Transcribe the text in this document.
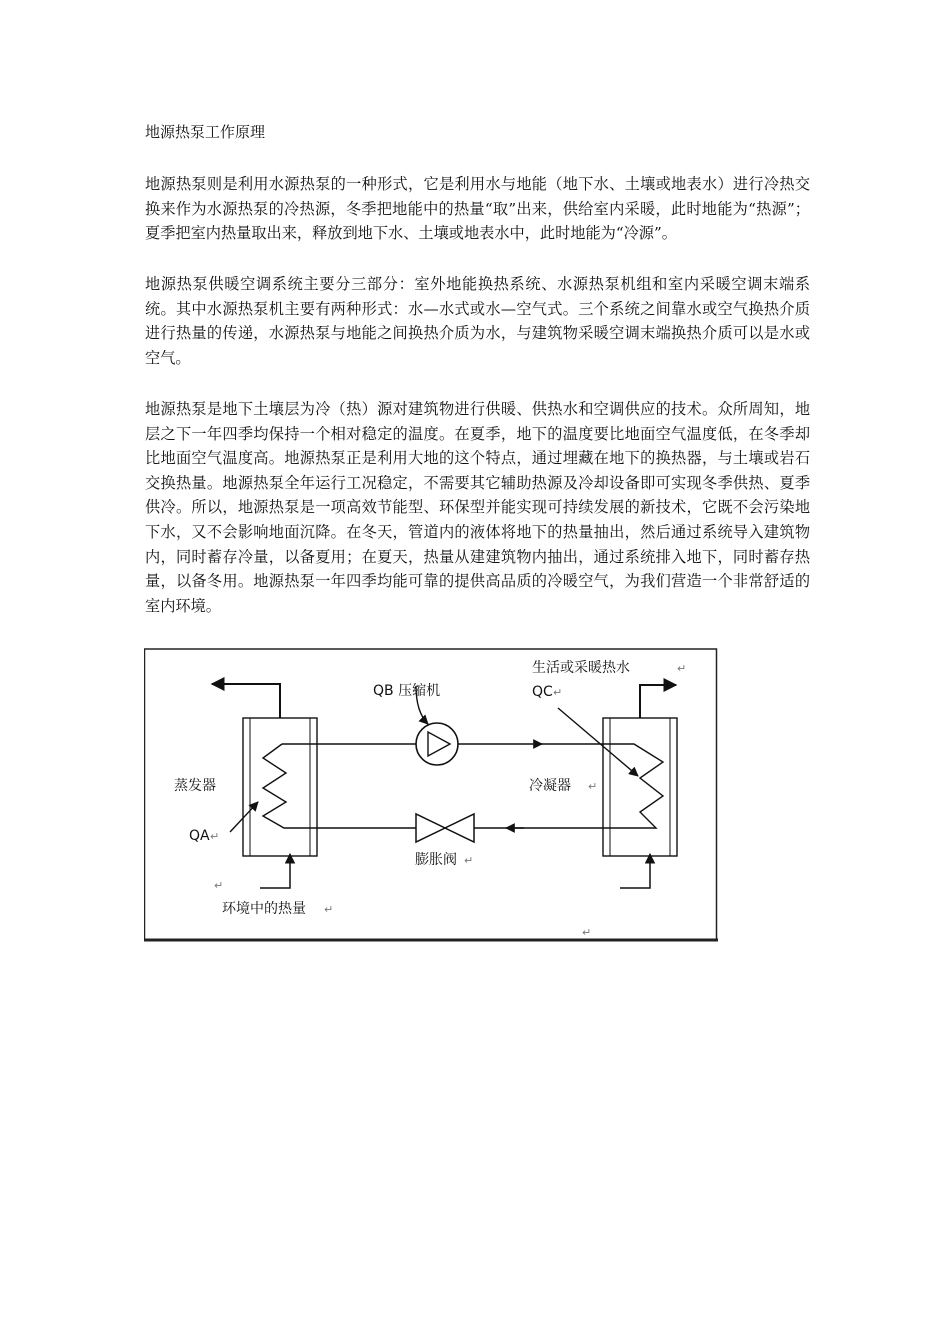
地源热泵工作原理

地源热泵则是利用水源热泵的一种形式，它是利用水与地能（地下水、土壤或地表水）进行冷热交换来作为水源热泵的冷热源，冬季把地能中的热量“取”出来，供给室内采暖，此时地能为“热源”；夏季把室内热量取出来，释放到地下水、土壤或地表水中，此时地能为“冷源”。

地源热泵供暖空调系统主要分三部分：室外地能换热系统、水源热泵机组和室内采暖空调末端系统。其中水源热泵机主要有两种形式：水—水式或水—空气式。三个系统之间靠水或空气换热介质进行热量的传递，水源热泵与地能之间换热介质为水，与建筑物采暖空调末端换热介质可以是水或空气。

地源热泵是地下土壤层为冷（热）源对建筑物进行供暖、供热水和空调供应的技术。众所周知，地层之下一年四季均保持一个相对稳定的温度。在夏季，地下的温度要比地面空气温度低，在冬季却比地面空气温度高。地源热泵正是利用大地的这个特点，通过埋藏在地下的换热器，与土壤或岩石交换热量。地源热泵全年运行工况稳定，不需要其它辅助热源及冷却设备即可实现冬季供热、夏季供冷。所以，地源热泵是一项高效节能型、环保型并能实现可持续发展的新技术，它既不会污染地下水，又不会影响地面沉降。在冬天，管道内的液体将地下的热量抽出，然后通过系统导入建筑物内，同时蓄存冷量，以备夏用；在夏天，热量从建建筑物内抽出，通过系统排入地下，同时蓄存热量，以备冬用。地源热泵一年四季均能可靠的提供高品质的冷暖空气，为我们营造一个非常舒适的室内环境。

生活或采暖热水	↵
QB 压缩机	QC ↵
蒸发器	冷凝器 ↵
QA ↵
膨胀阀 ↵
↵
环境中的热量 ↵
↵
